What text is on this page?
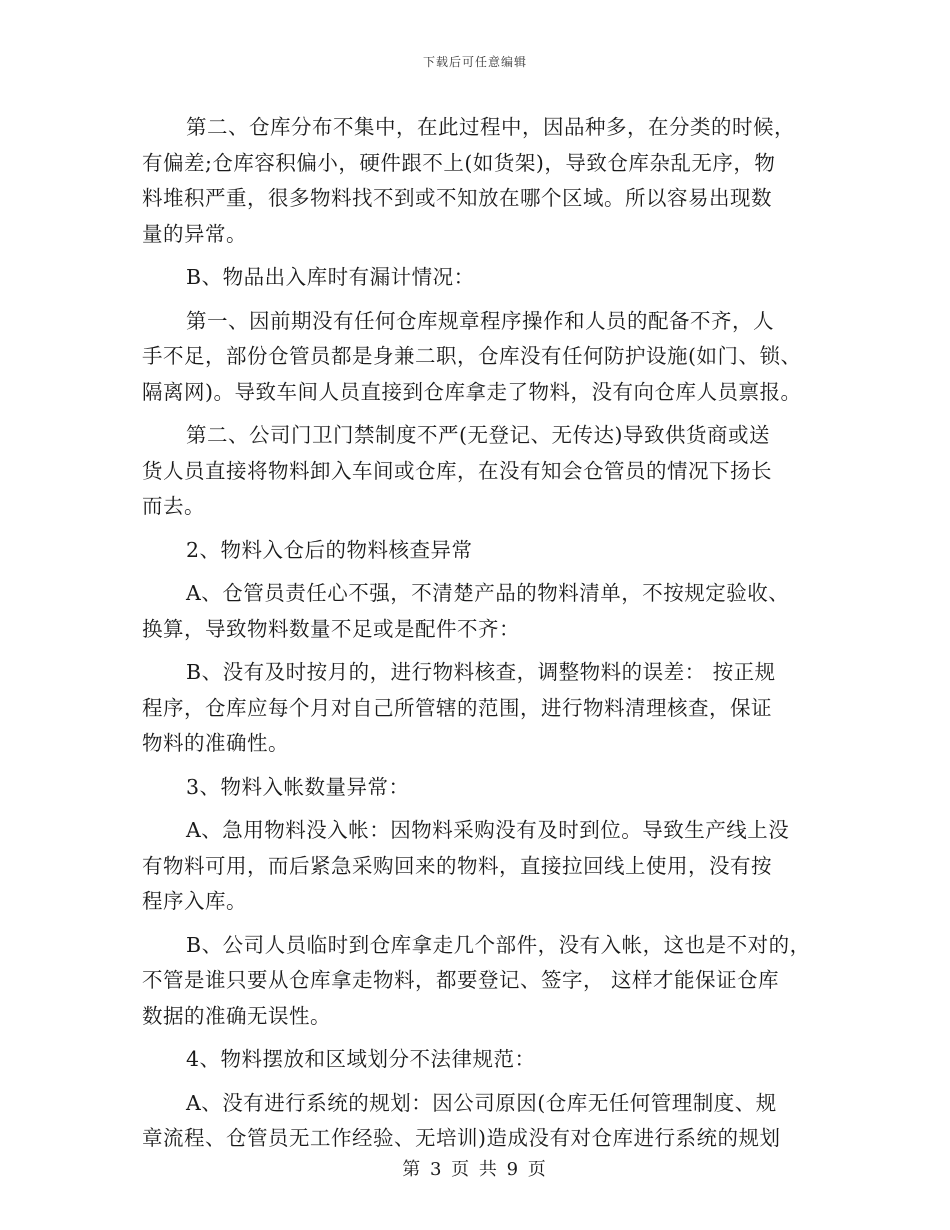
下载后可任意编辑

第二、仓库分布不集中，在此过程中，因品种多，在分类的时候，
有偏差;仓库容积偏小，硬件跟不上(如货架)，导致仓库杂乱无序，物
料堆积严重，很多物料找不到或不知放在哪个区域。所以容易出现数
量的异常。

B、物品出入库时有漏计情况：

第一、因前期没有任何仓库规章程序操作和人员的配备不齐，人
手不足，部份仓管员都是身兼二职，仓库没有任何防护设施(如门、锁、
隔离网)。导致车间人员直接到仓库拿走了物料，没有向仓库人员禀报。

第二、公司门卫门禁制度不严(无登记、无传达)导致供货商或送
货人员直接将物料卸入车间或仓库，在没有知会仓管员的情况下扬长
而去。

2、物料入仓后的物料核查异常

A、仓管员责任心不强，不清楚产品的物料清单，不按规定验收、
换算，导致物料数量不足或是配件不齐：

B、没有及时按月的，进行物料核查，调整物料的误差： 按正规
程序，仓库应每个月对自己所管辖的范围，进行物料清理核查，保证
物料的准确性。

3、物料入帐数量异常：

A、急用物料没入帐：因物料采购没有及时到位。导致生产线上没
有物料可用，而后紧急采购回来的物料，直接拉回线上使用，没有按
程序入库。

B、公司人员临时到仓库拿走几个部件，没有入帐，这也是不对的，
不管是谁只要从仓库拿走物料，都要登记、签字， 这样才能保证仓库
数据的准确无误性。

4、物料摆放和区域划分不法律规范：

A、没有进行系统的规划：因公司原因(仓库无任何管理制度、规
章流程、仓管员无工作经验、无培训)造成没有对仓库进行系统的规划

第 3 页 共 9 页
